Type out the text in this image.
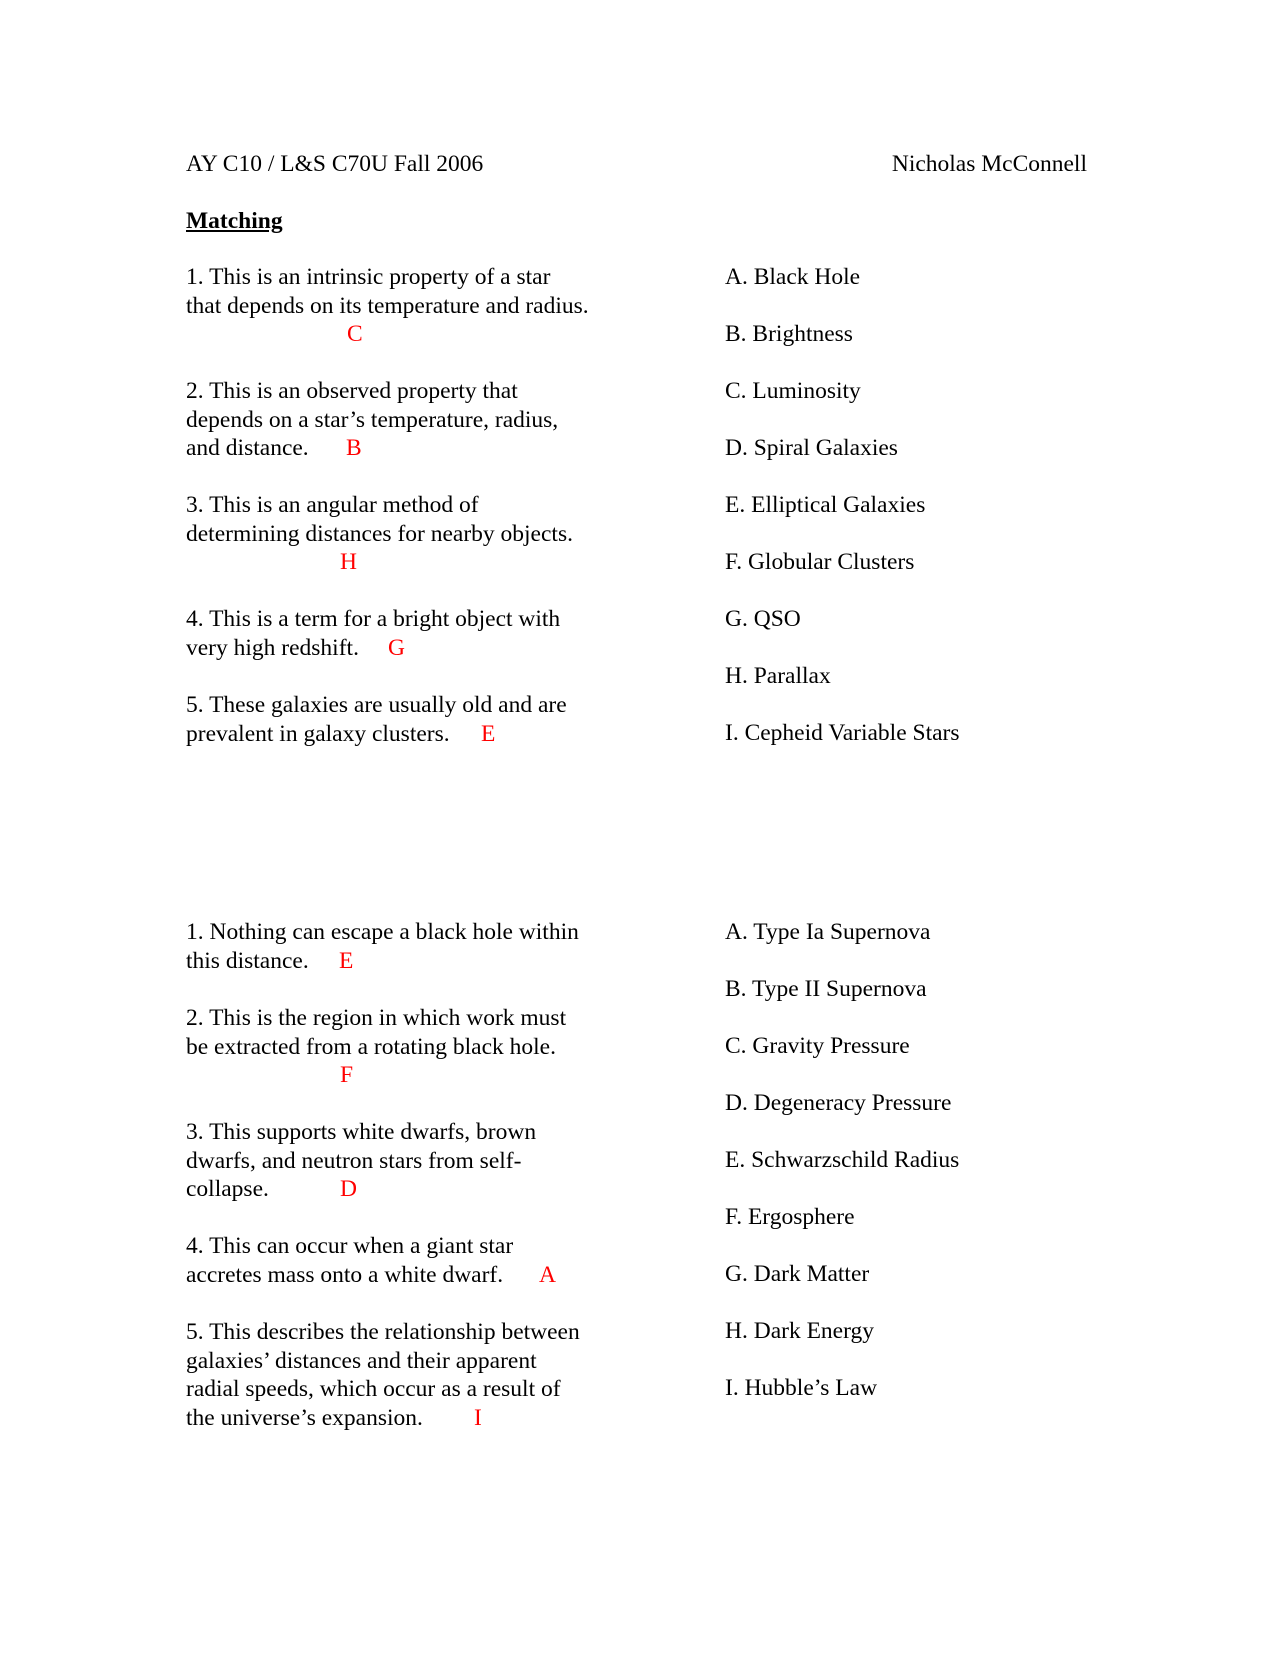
AY C10 / L&S C70U Fall 2006	Nicholas McConnell
Matching
1. This is an intrinsic property of a star
that depends on its temperature and radius.
C
2. This is an observed property that
depends on a star’s temperature, radius,
and distance.	B
3. This is an angular method of
determining distances for nearby objects.
H
4. This is a term for a bright object with
very high redshift.	G
5. These galaxies are usually old and are
prevalent in galaxy clusters.	E
A. Black Hole
B. Brightness
C. Luminosity
D. Spiral Galaxies
E. Elliptical Galaxies
F. Globular Clusters
G. QSO
H. Parallax
I. Cepheid Variable Stars
1. Nothing can escape a black hole within
this distance.	E
2. This is the region in which work must
be extracted from a rotating black hole.
F
3. This supports white dwarfs, brown
dwarfs, and neutron stars from self-
collapse.	D
4. This can occur when a giant star
accretes mass onto a white dwarf.	A
5. This describes the relationship between
galaxies’ distances and their apparent
radial speeds, which occur as a result of
the universe’s expansion.	I
A. Type Ia Supernova
B. Type II Supernova
C. Gravity Pressure
D. Degeneracy Pressure
E. Schwarzschild Radius
F. Ergosphere
G. Dark Matter
H. Dark Energy
I. Hubble’s Law
